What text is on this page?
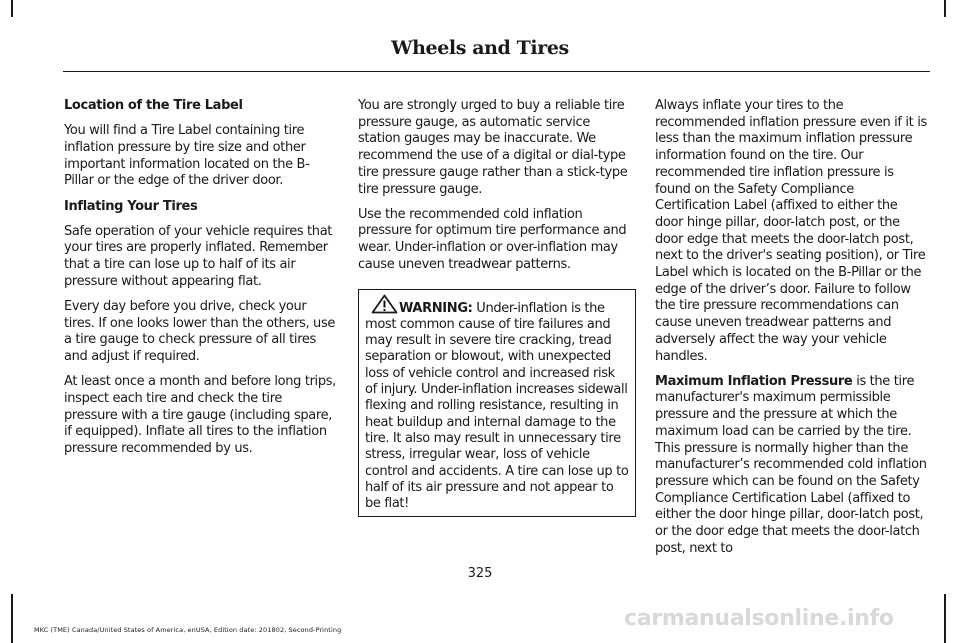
Wheels and Tires
Location of the Tire Label

You will find a Tire Label containing tire inflation pressure by tire size and other important information located on the B-Pillar or the edge of the driver door.

Inflating Your Tires

Safe operation of your vehicle requires that your tires are properly inflated. Remember that a tire can lose up to half of its air pressure without appearing flat.

Every day before you drive, check your tires. If one looks lower than the others, use a tire gauge to check pressure of all tires and adjust if required.

At least once a month and before long trips, inspect each tire and check the tire pressure with a tire gauge (including spare, if equipped). Inflate all tires to the inflation pressure recommended by us.

You are strongly urged to buy a reliable tire pressure gauge, as automatic service station gauges may be inaccurate. We recommend the use of a digital or dial-type tire pressure gauge rather than a stick-type tire pressure gauge.

Use the recommended cold inflation pressure for optimum tire performance and wear. Under-inflation or over-inflation may cause uneven treadwear patterns.

WARNING: Under-inflation is the most common cause of tire failures and may result in severe tire cracking, tread separation or blowout, with unexpected loss of vehicle control and increased risk of injury. Under-inflation increases sidewall flexing and rolling resistance, resulting in heat buildup and internal damage to the tire. It also may result in unnecessary tire stress, irregular wear, loss of vehicle control and accidents. A tire can lose up to half of its air pressure and not appear to be flat!

Always inflate your tires to the recommended inflation pressure even if it is less than the maximum inflation pressure information found on the tire. Our recommended tire inflation pressure is found on the Safety Compliance Certification Label (affixed to either the door hinge pillar, door-latch post, or the door edge that meets the door-latch post, next to the driver's seating position), or Tire Label which is located on the B-Pillar or the edge of the driver’s door. Failure to follow the tire pressure recommendations can cause uneven treadwear patterns and adversely affect the way your vehicle handles.

Maximum Inflation Pressure is the tire manufacturer's maximum permissible pressure and the pressure at which the maximum load can be carried by the tire. This pressure is normally higher than the manufacturer’s recommended cold inflation pressure which can be found on the Safety Compliance Certification Label (affixed to either the door hinge pillar, door-latch post, or the door edge that meets the door-latch post, next to

325
MKC (TME) Canada/United States of America, enUSA, Edition date: 201802, Second-Printing	carmanualsonline.info
